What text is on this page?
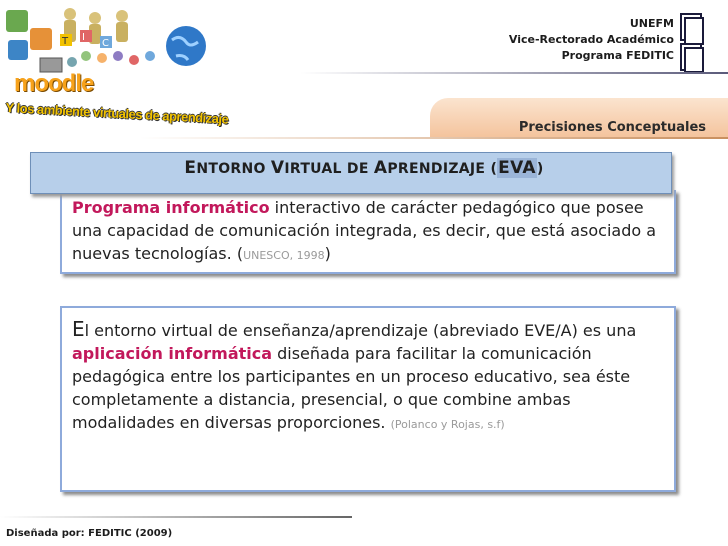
T I
C
moodle
Y los ambiente virtuales de aprendizaje
UNEFM
Vice-Rectorado Académico
Programa FEDITIC
Precisiones Conceptuales
Programa informático interactivo de carácter pedagógico que posee una capacidad de comunicación integrada, es decir, que está asociado a nuevas tecnologías. (UNESCO, 1998)
ENTORNO VIRTUAL DE APRENDIZAJE (EVA)
El entorno virtual de enseñanza/aprendizaje (abreviado EVE/A) es una aplicación informática diseñada para facilitar la comunicación pedagógica entre los participantes en un proceso educativo, sea éste completamente a distancia, presencial, o que combine ambas modalidades en diversas proporciones. (Polanco y Rojas, s.f)
Diseñada por: FEDITIC (2009)
